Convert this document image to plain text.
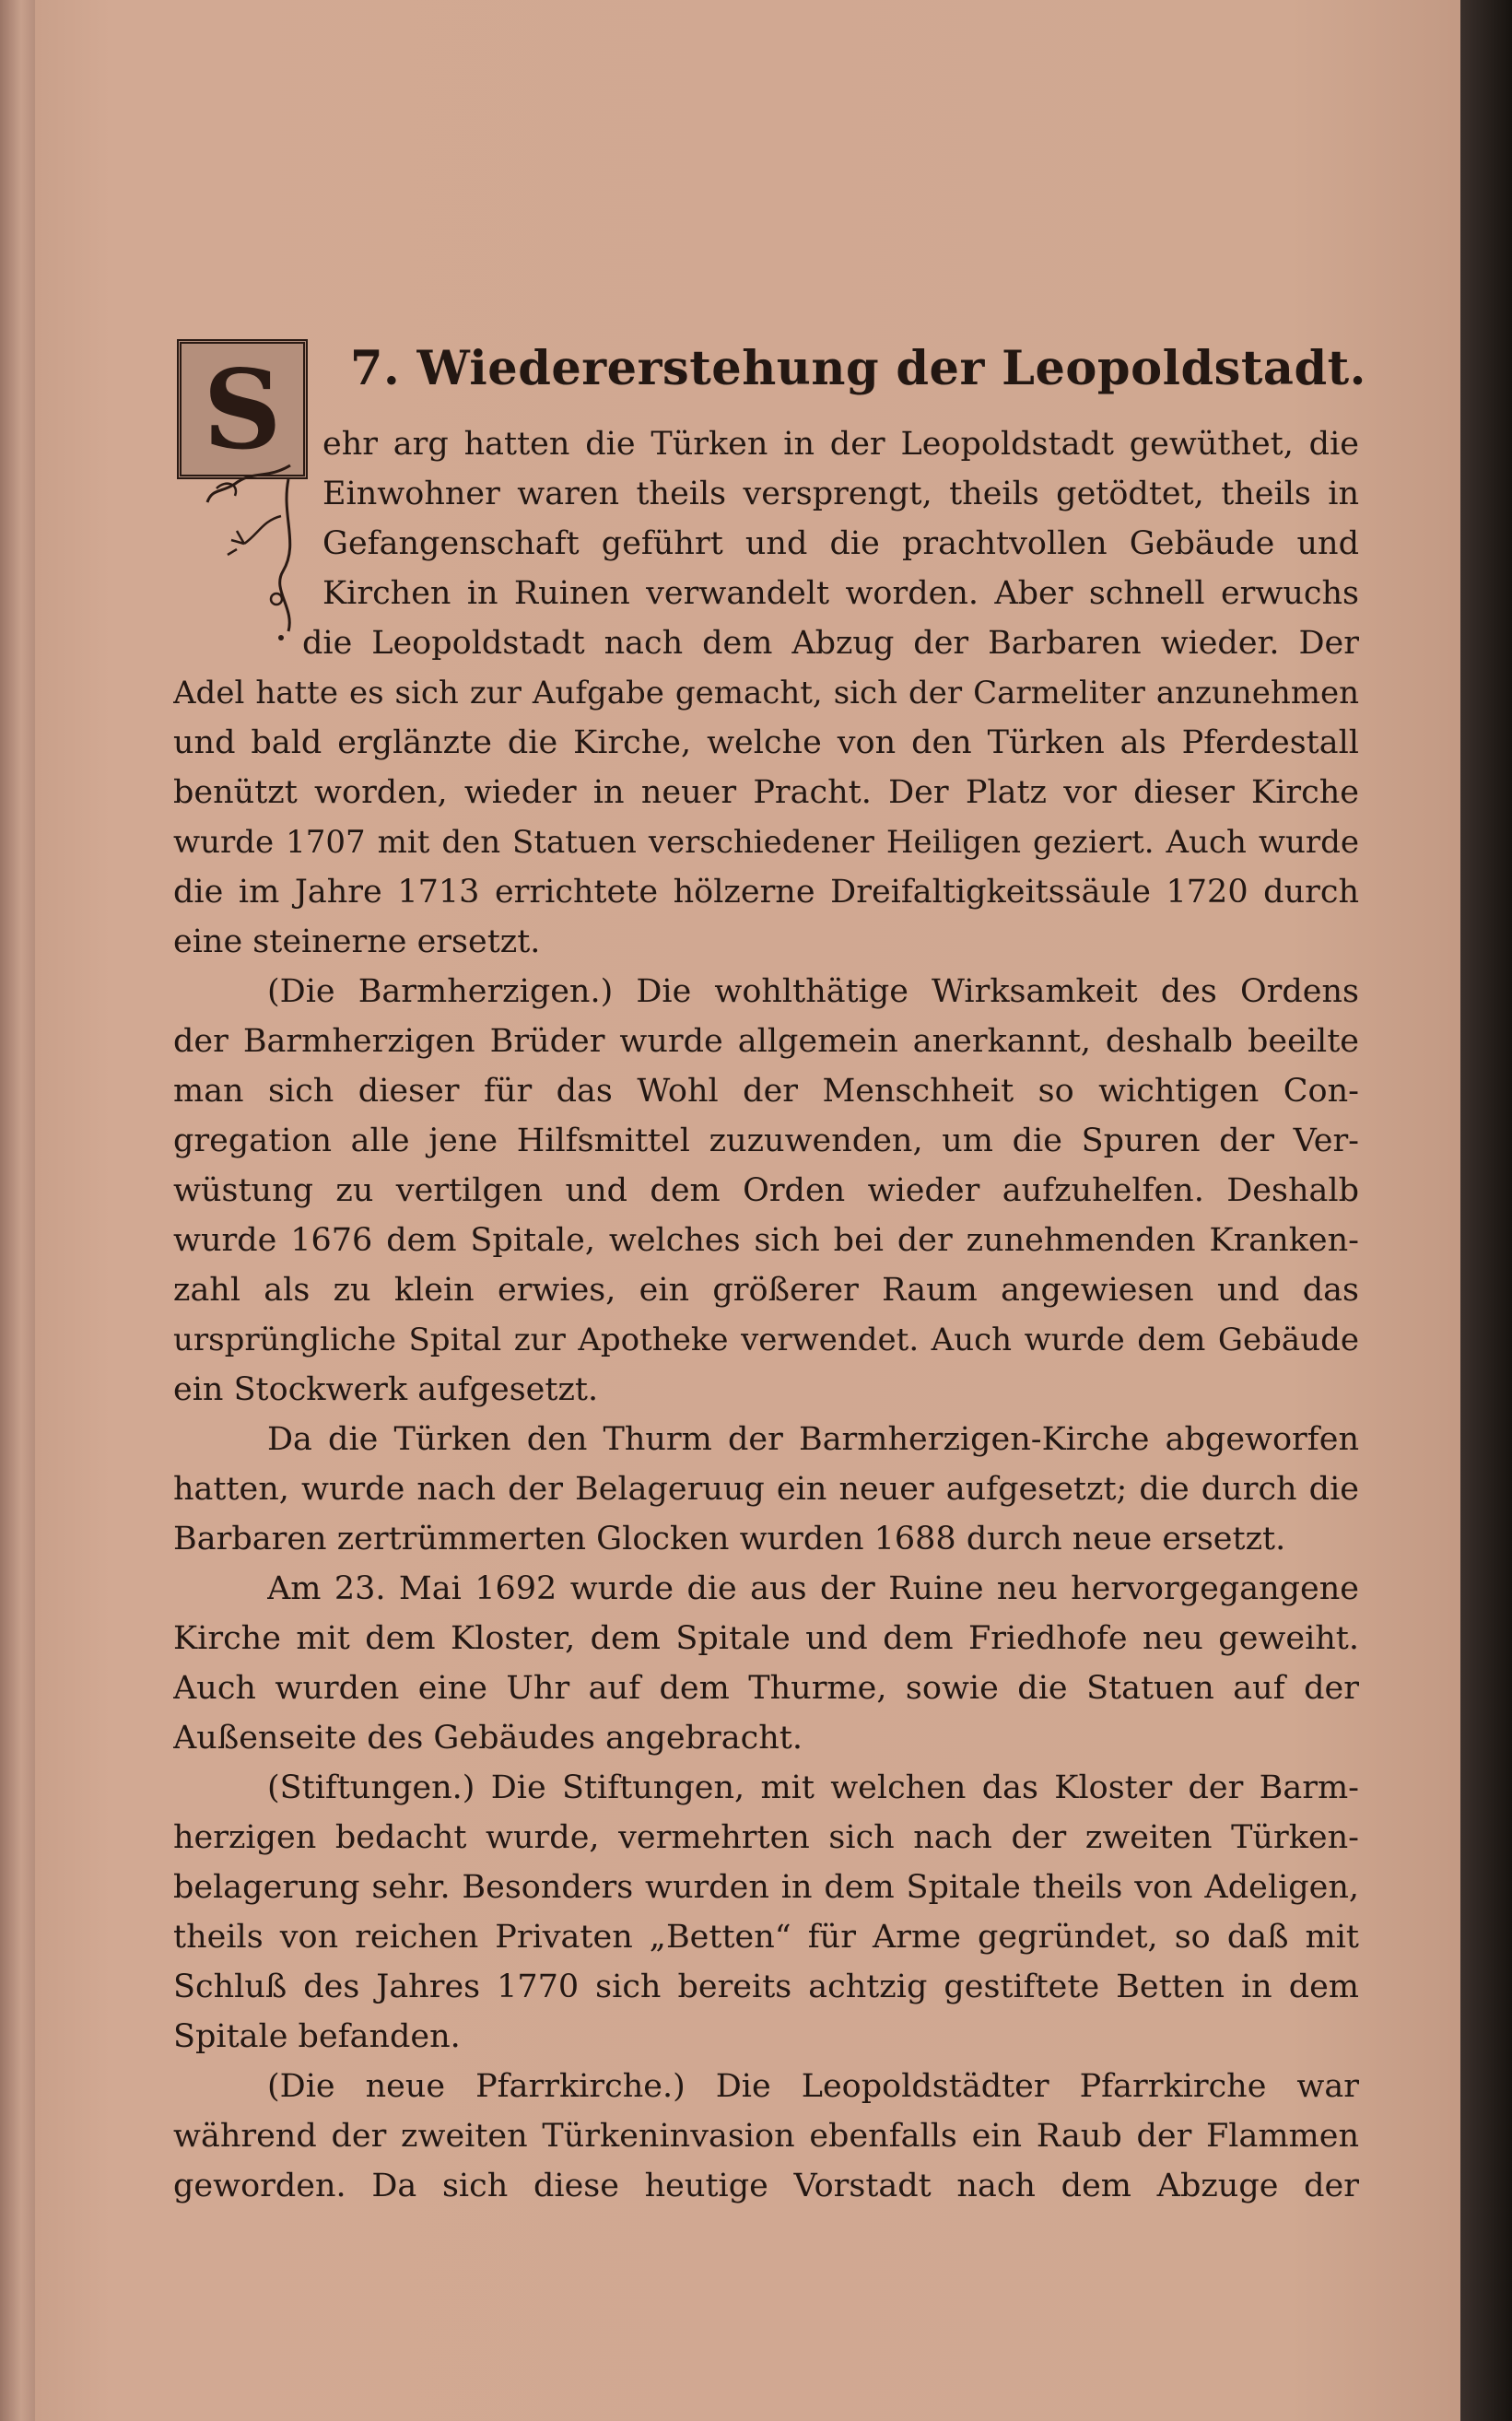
7. Wiedererstehung der Leopoldstadt.
S	ehr arg hatten die Türken in der Leopoldstadt gewüthet, die
Einwohner waren theils versprengt, theils getödtet, theils in
Gefangenschaft geführt und die prachtvollen Gebäude und
Kirchen in Ruinen verwandelt worden. Aber schnell erwuchs
die Leopoldstadt nach dem Abzug der Barbaren wieder. Der
Adel hatte es sich zur Aufgabe gemacht, sich der Carmeliter anzunehmen
und bald erglänzte die Kirche, welche von den Türken als Pferdestall
benützt worden, wieder in neuer Pracht. Der Platz vor dieser Kirche
wurde 1707 mit den Statuen verschiedener Heiligen geziert. Auch wurde
die im Jahre 1713 errichtete hölzerne Dreifaltigkeitssäule 1720 durch
eine steinerne ersetzt.
(Die Barmherzigen.) Die wohlthätige Wirksamkeit des Ordens
der Barmherzigen Brüder wurde allgemein anerkannt, deshalb beeilte
man sich dieser für das Wohl der Menschheit so wichtigen Con-
gregation alle jene Hilfsmittel zuzuwenden, um die Spuren der Ver-
wüstung zu vertilgen und dem Orden wieder aufzuhelfen. Deshalb
wurde 1676 dem Spitale, welches sich bei der zunehmenden Kranken-
zahl als zu klein erwies, ein größerer Raum angewiesen und das
ursprüngliche Spital zur Apotheke verwendet. Auch wurde dem Gebäude
ein Stockwerk aufgesetzt.
Da die Türken den Thurm der Barmherzigen-Kirche abgeworfen
hatten, wurde nach der Belageruug ein neuer aufgesetzt; die durch die
Barbaren zertrümmerten Glocken wurden 1688 durch neue ersetzt.
Am 23. Mai 1692 wurde die aus der Ruine neu hervorgegangene
Kirche mit dem Kloster, dem Spitale und dem Friedhofe neu geweiht.
Auch wurden eine Uhr auf dem Thurme, sowie die Statuen auf der
Außenseite des Gebäudes angebracht.
(Stiftungen.) Die Stiftungen, mit welchen das Kloster der Barm-
herzigen bedacht wurde, vermehrten sich nach der zweiten Türken-
belagerung sehr. Besonders wurden in dem Spitale theils von Adeligen,
theils von reichen Privaten „Betten“ für Arme gegründet, so daß mit
Schluß des Jahres 1770 sich bereits achtzig gestiftete Betten in dem
Spitale befanden.
(Die neue Pfarrkirche.) Die Leopoldstädter Pfarrkirche war
während der zweiten Türkeninvasion ebenfalls ein Raub der Flammen
geworden. Da sich diese heutige Vorstadt nach dem Abzuge der
